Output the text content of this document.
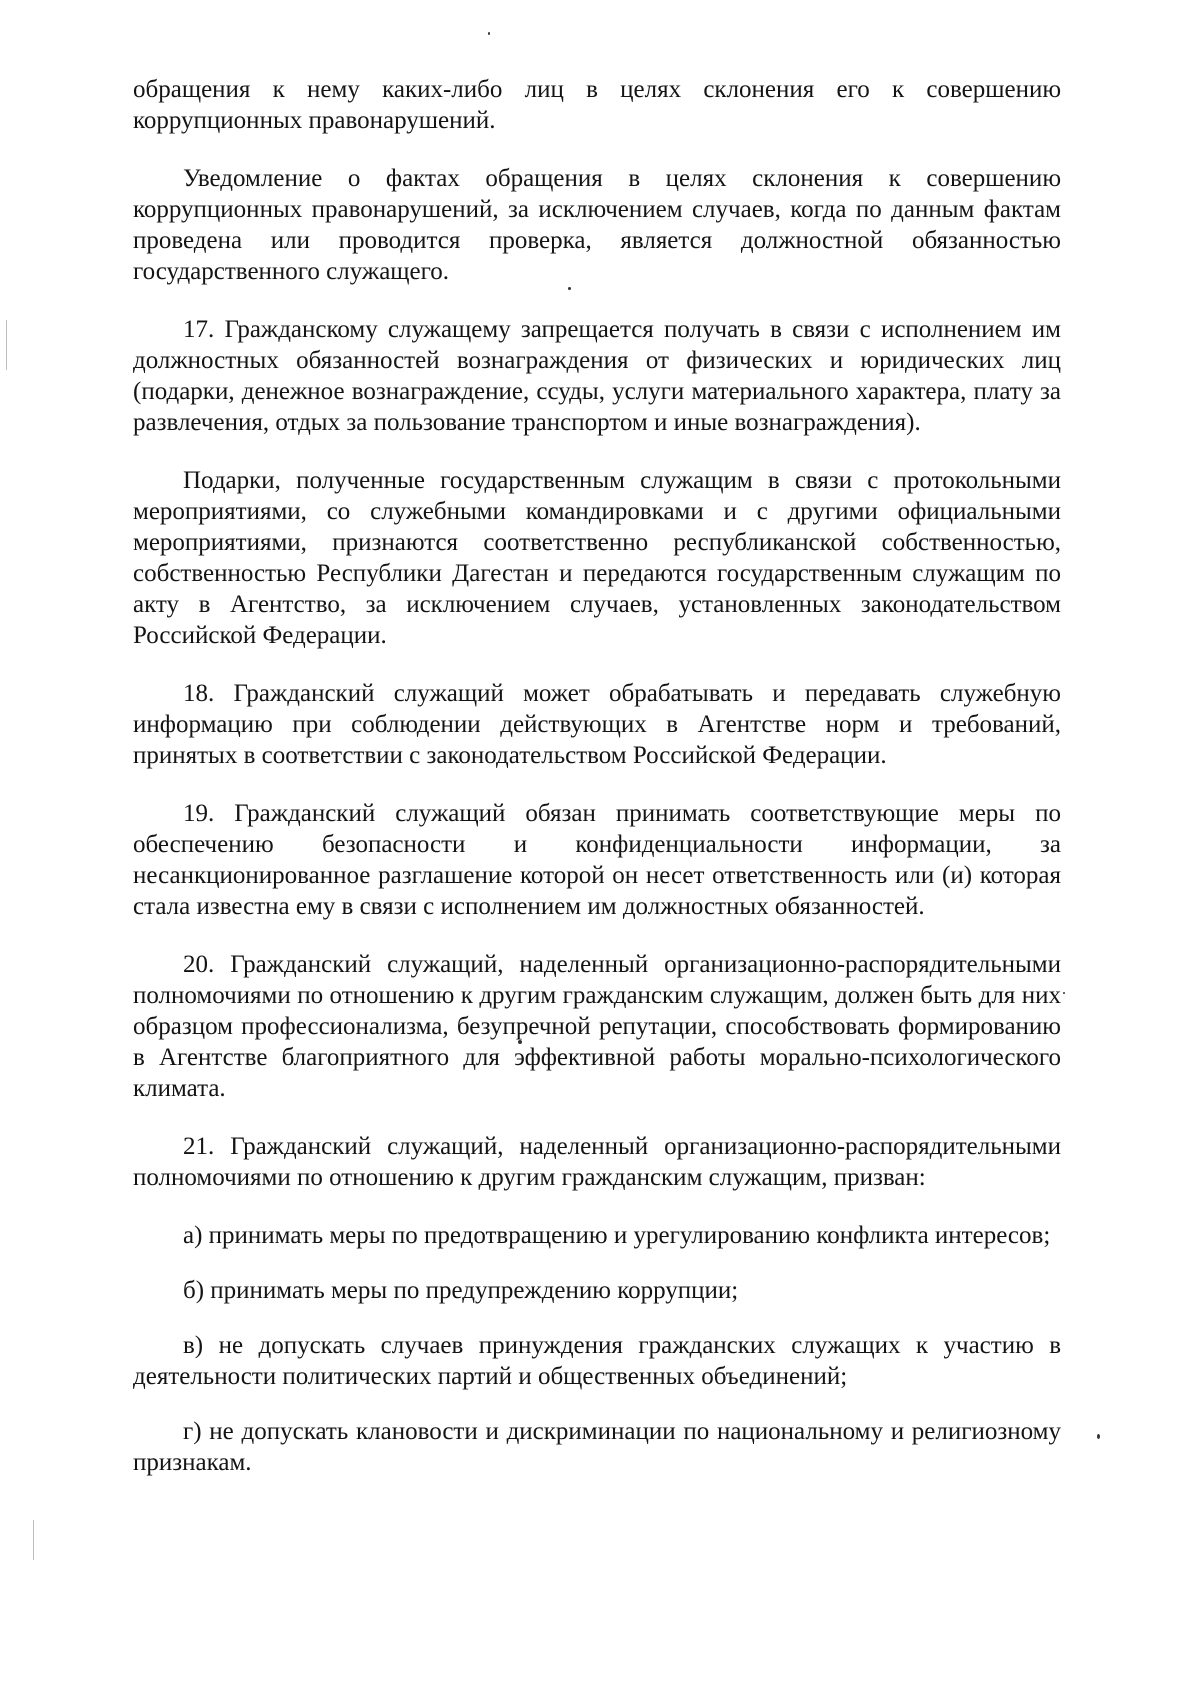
обращения к нему каких-либо лиц в целях склонения его к совершению коррупционных правонарушений.

Уведомление о фактах обращения в целях склонения к совершению коррупционных правонарушений, за исключением случаев, когда по данным фактам проведена или проводится проверка, является должностной обязанностью государственного служащего.

17. Гражданскому служащему запрещается получать в связи с исполнением им должностных обязанностей вознаграждения от физических и юридических лиц (подарки, денежное вознаграждение, ссуды, услуги материального характера, плату за развлечения, отдых за пользование транспортом и иные вознаграждения).

Подарки, полученные государственным служащим в связи с протокольными мероприятиями, со служебными командировками и с другими официальными мероприятиями, признаются соответственно республиканской собственностью, собственностью Республики Дагестан и передаются государственным служащим по акту в Агентство, за исключением случаев, установленных законодательством Российской Федерации.

18. Гражданский служащий может обрабатывать и передавать служебную информацию при соблюдении действующих в Агентстве норм и требований, принятых в соответствии с законодательством Российской Федерации.

19. Гражданский служащий обязан принимать соответствующие меры по обеспечению безопасности и конфиденциальности информации, за несанкционированное разглашение которой он несет ответственность или (и) которая стала известна ему в связи с исполнением им должностных обязанностей.

20. Гражданский служащий, наделенный организационно-распорядительными полномочиями по отношению к другим гражданским служащим, должен быть для них образцом профессионализма, безупречной репутации, способствовать формированию в Агентстве благоприятного для эффективной работы морально-психологического климата.

21. Гражданский служащий, наделенный организационно-распорядительными полномочиями по отношению к другим гражданским служащим, призван:

а) принимать меры по предотвращению и урегулированию конфликта интересов;

б) принимать меры по предупреждению коррупции;

в) не допускать случаев принуждения гражданских служащих к участию в деятельности политических партий и общественных объединений;

г) не допускать клановости и дискриминации по национальному и религиозному признакам.
